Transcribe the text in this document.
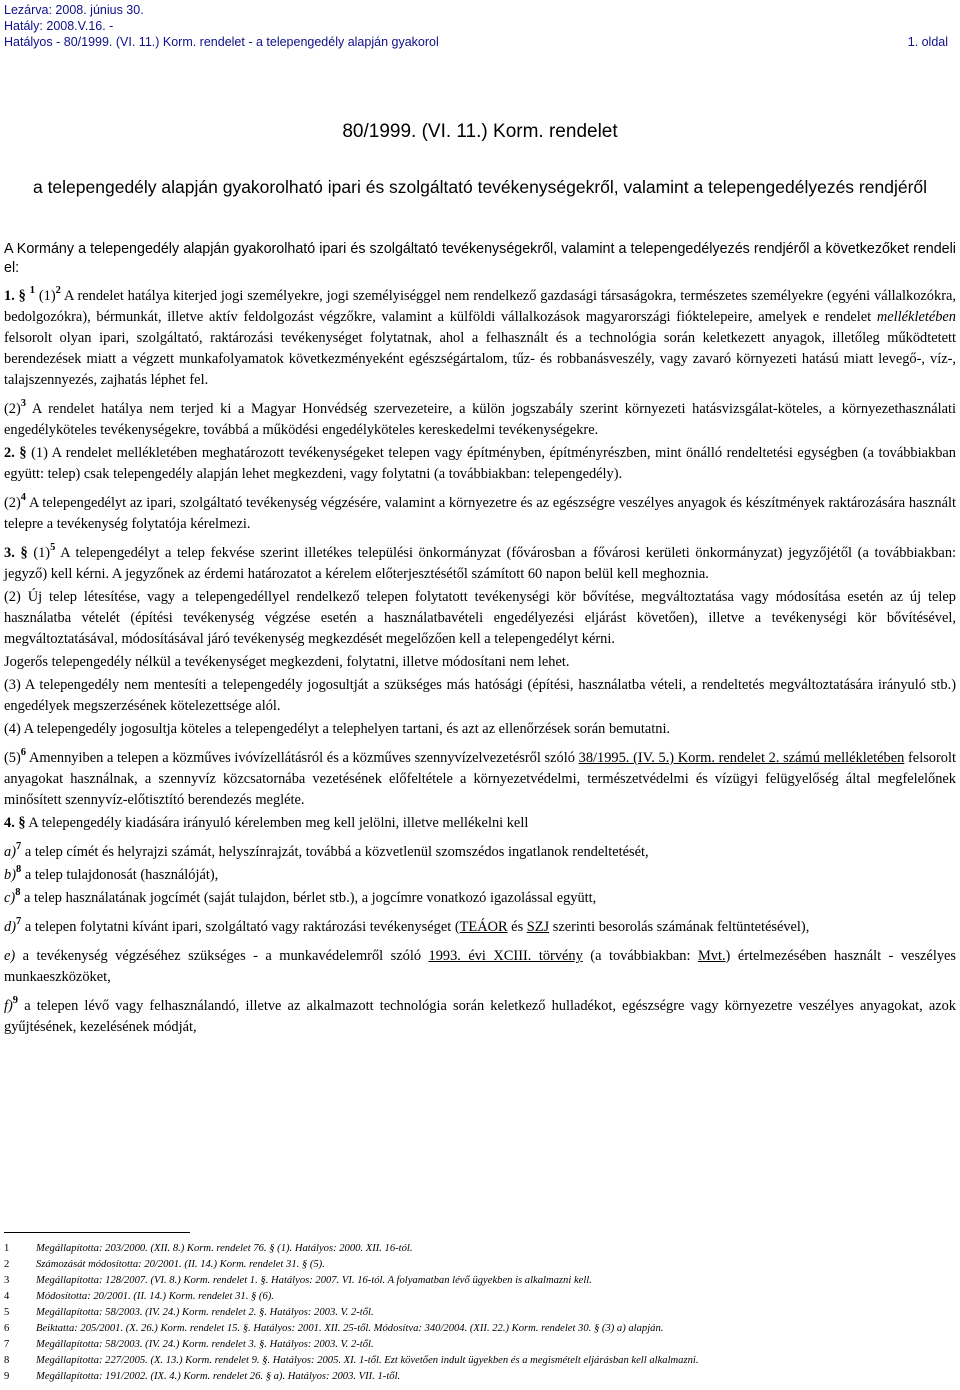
Lezárva: 2008. június 30.
Hatály: 2008.V.16. -
Hatályos - 80/1999. (VI. 11.) Korm. rendelet - a telepengedély alapján gyakorol	1. oldal
80/1999. (VI. 11.) Korm. rendelet
a telepengedély alapján gyakorolható ipari és szolgáltató tevékenységekről, valamint a telepengedélyezés rendjéről
A Kormány a telepengedély alapján gyakorolható ipari és szolgáltató tevékenységekről, valamint a telepengedélyezés rendjéről a következőket rendeli el:

1. § $^1$ $(1)^2$ A rendelet hatálya kiterjed jogi személyekre, jogi személyiséggel nem rendelkező gazdasági társaságokra, természetes személyekre (egyéni vállalkozókra, bedolgozókra), bérmunkát, illetve aktív feldolgozást végzőkre, valamint a külföldi vállalkozások magyarországi fióktelepeire, amelyek e rendelet mellékletében felsorolt olyan ipari, szolgáltató, raktározási tevékenységet folytatnak, ahol a felhasznált és a technológia során keletkezett anyagok, illetőleg működtetett berendezések miatt a végzett munkafolyamatok következményeként egészségártalom, tűz- és robbanásveszély, vagy zavaró környezeti hatású miatt levegő-, víz-, talajszennyezés, zajhatás léphet fel.

$(2)^3$ A rendelet hatálya nem terjed ki a Magyar Honvédség szervezeteire, a külön jogszabály szerint környezeti hatásvizsgálat-köteles, a környezethasználati engedélyköteles tevékenységekre, továbbá a működési engedélyköteles kereskedelmi tevékenységekre.

2. § (1) A rendelet mellékletében meghatározott tevékenységeket telepen vagy építményben, építményrészben, mint önálló rendeltetési egységben (a továbbiakban együtt: telep) csak telepengedély alapján lehet megkezdeni, vagy folytatni (a továbbiakban: telepengedély).

$(2)^4$ A telepengedélyt az ipari, szolgáltató tevékenység végzésére, valamint a környezetre és az egészségre veszélyes anyagok és készítmények raktározására használt telepre a tevékenység folytatója kérelmezi.

3. § $(1)^5$ A telepengedélyt a telep fekvése szerint illetékes települési önkormányzat (fővárosban a fővárosi kerületi önkormányzat) jegyzőjétől (a továbbiakban: jegyző) kell kérni. A jegyzőnek az érdemi határozatot a kérelem előterjesztésétől számított 60 napon belül kell meghoznia.

(2) Új telep létesítése, vagy a telepengedéllyel rendelkező telepen folytatott tevékenységi kör bővítése, megváltoztatása vagy módosítása esetén az új telep használatba vételét (építési tevékenység végzése esetén a használatbavételi engedélyezési eljárást követően), illetve a tevékenységi kör bővítésével, megváltoztatásával, módosításával járó tevékenység megkezdését megelőzően kell a telepengedélyt kérni.

Jogerős telepengedély nélkül a tevékenységet megkezdeni, folytatni, illetve módosítani nem lehet.

(3) A telepengedély nem mentesíti a telepengedély jogosultját a szükséges más hatósági (építési, használatba vételi, a rendeltetés megváltoztatására irányuló stb.) engedélyek megszerzésének kötelezettsége alól.

(4) A telepengedély jogosultja köteles a telepengedélyt a telephelyen tartani, és azt az ellenőrzések során bemutatni.

$(5)^6$ Amennyiben a telepen a közműves ivóvízellátásról és a közműves szennyvízelvezetésről szóló 38/1995. (IV. 5.) Korm. rendelet 2. számú mellékletében felsorolt anyagokat használnak, a szennyvíz közcsatornába vezetésének előfeltétele a környezetvédelmi, természetvédelmi és vízügyi felügyelőség által megfelelőnek minősített szennyvíz-előtisztító berendezés megléte.

4. § A telepengedély kiadására irányuló kérelemben meg kell jelölni, illetve mellékelni kell

a)$^7$ a telep címét és helyrajzi számát, helyszínrajzát, továbbá a közvetlenül szomszédos ingatlanok rendeltetését,

b)$^8$ a telep tulajdonosát (használóját),

c)$^8$ a telep használatának jogcímét (saját tulajdon, bérlet stb.), a jogcímre vonatkozó igazolással együtt,

d)$^7$ a telepen folytatni kívánt ipari, szolgáltató vagy raktározási tevékenységet (TEÁOR és SZJ szerinti besorolás számának feltüntetésével),

e) a tevékenység végzéséhez szükséges - a munkavédelemről szóló 1993. évi XCIII. törvény (a továbbiakban: Mvt.) értelmezésében használt - veszélyes munkaeszközöket,

f)$^9$ a telepen lévő vagy felhasználandó, illetve az alkalmazott technológia során keletkező hulladékot, egészségre vagy környezetre veszélyes anyagokat, azok gyűjtésének, kezelésének módját,

1	Megállapította: 203/2000. (XII. 8.) Korm. rendelet 76. § (1). Hatályos: 2000. XII. 16-tól.
2	Számozását módosította: 20/2001. (II. 14.) Korm. rendelet 31. § (5).
3	Megállapította: 128/2007. (VI. 8.) Korm. rendelet 1. §. Hatályos: 2007. VI. 16-tól. A folyamatban lévő ügyekben is alkalmazni kell.
4	Módosította: 20/2001. (II. 14.) Korm. rendelet 31. § (6).
5	Megállapította: 58/2003. (IV. 24.) Korm. rendelet 2. §. Hatályos: 2003. V. 2-től.
6	Beiktatta: 205/2001. (X. 26.) Korm. rendelet 15. §. Hatályos: 2001. XII. 25-től. Módosítva: 340/2004. (XII. 22.) Korm. rendelet 30. § (3) a) alapján.
7	Megállapította: 58/2003. (IV. 24.) Korm. rendelet 3. §. Hatályos: 2003. V. 2-től.
8	Megállapította: 227/2005. (X. 13.) Korm. rendelet 9. §. Hatályos: 2005. XI. 1-től. Ezt követően indult ügyekben és a megismételt eljárásban kell alkalmazni.
9	Megállapította: 191/2002. (IX. 4.) Korm. rendelet 26. § a). Hatályos: 2003. VII. 1-től.
